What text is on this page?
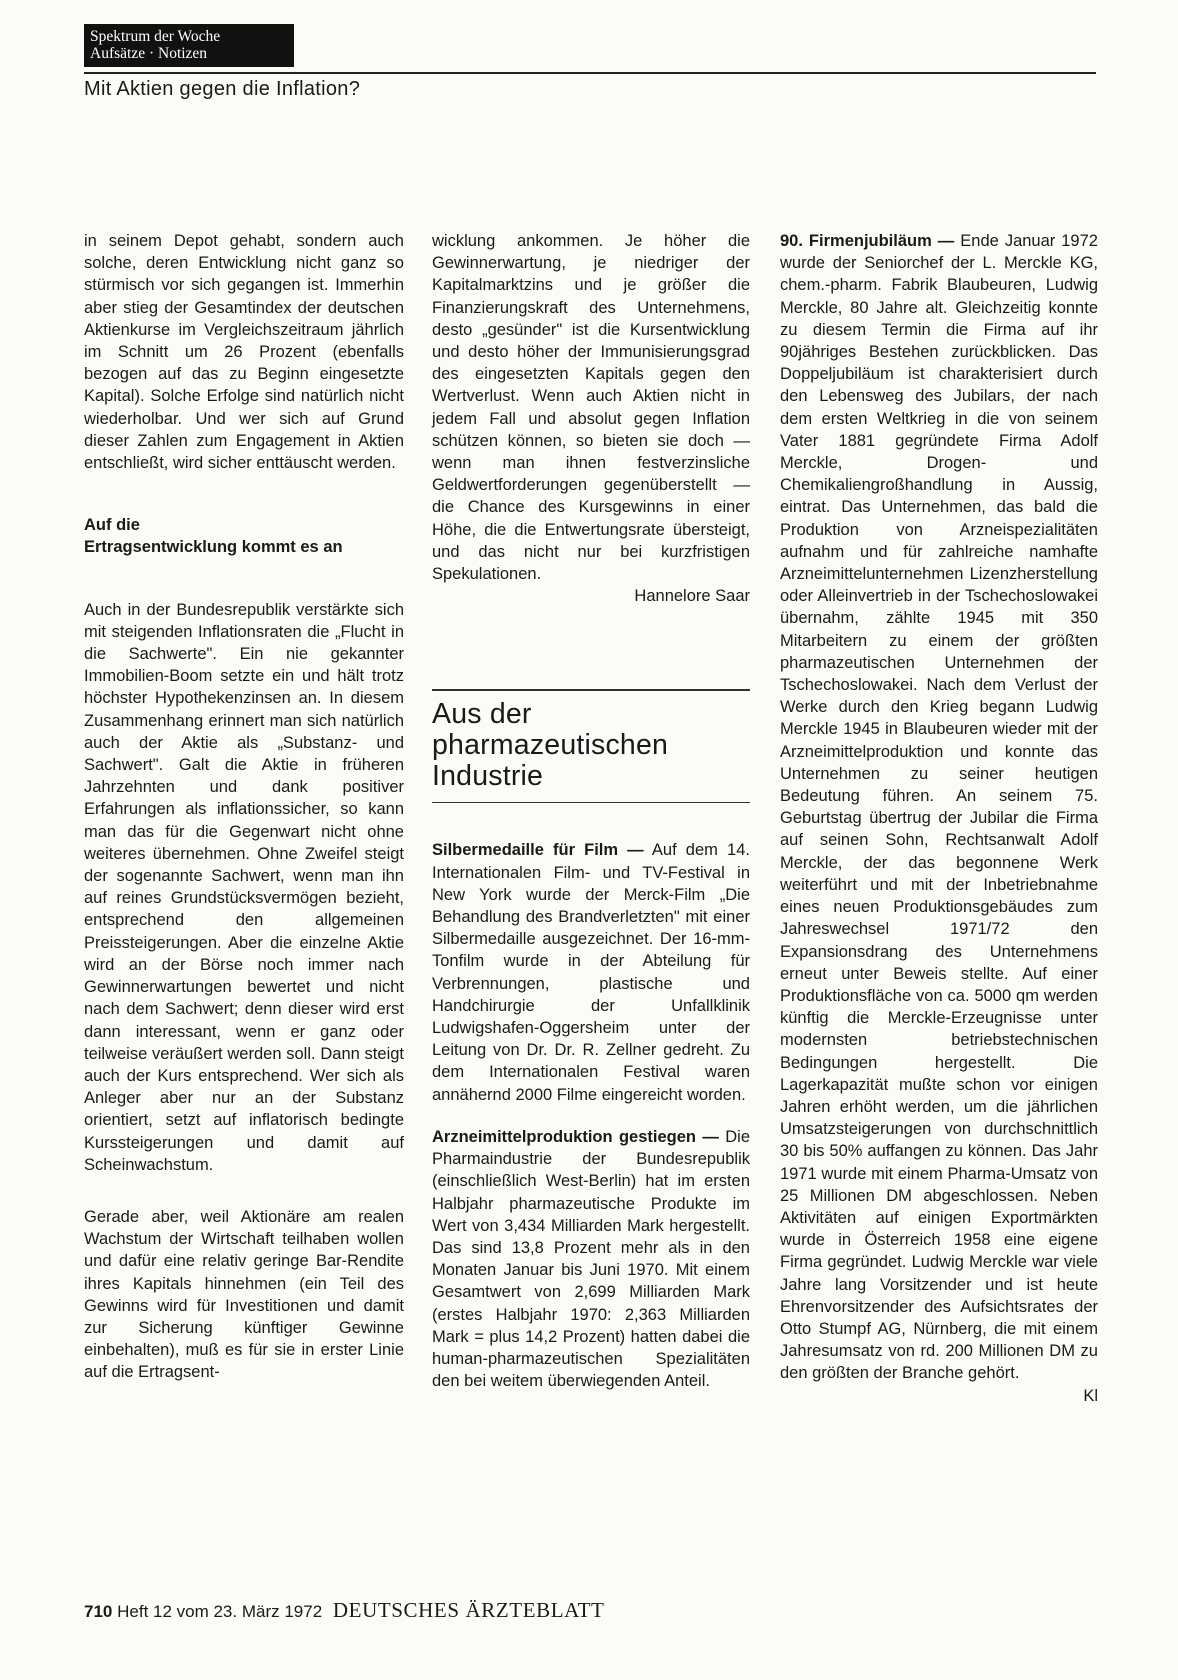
Spektrum der Woche
Aufsätze · Notizen
Mit Aktien gegen die Inflation?

in seinem Depot gehabt, sondern auch solche, deren Entwicklung nicht ganz so stürmisch vor sich gegangen ist. Immerhin aber stieg der Gesamtindex der deutschen Aktienkurse im Vergleichszeitraum jährlich im Schnitt um 26 Prozent (ebenfalls bezogen auf das zu Beginn eingesetzte Kapital). Solche Erfolge sind natürlich nicht wiederholbar. Und wer sich auf Grund dieser Zahlen zum Engagement in Aktien entschließt, wird sicher enttäuscht werden.

Auf die
Ertragsentwicklung kommt es an

Auch in der Bundesrepublik verstärkte sich mit steigenden Inflationsraten die „Flucht in die Sachwerte". Ein nie gekannter Immobilien-Boom setzte ein und hält trotz höchster Hypothekenzinsen an. In diesem Zusammenhang erinnert man sich natürlich auch der Aktie als „Substanz- und Sachwert". Galt die Aktie in früheren Jahrzehnten und dank positiver Erfahrungen als inflationssicher, so kann man das für die Gegenwart nicht ohne weiteres übernehmen. Ohne Zweifel steigt der sogenannte Sachwert, wenn man ihn auf reines Grundstücksvermögen bezieht, entsprechend den allgemeinen Preissteigerungen. Aber die einzelne Aktie wird an der Börse noch immer nach Gewinnerwartungen bewertet und nicht nach dem Sachwert; denn dieser wird erst dann interessant, wenn er ganz oder teilweise veräußert werden soll. Dann steigt auch der Kurs entsprechend. Wer sich als Anleger aber nur an der Substanz orientiert, setzt auf inflatorisch bedingte Kurssteigerungen und damit auf Scheinwachstum.

Gerade aber, weil Aktionäre am realen Wachstum der Wirtschaft teilhaben wollen und dafür eine relativ geringe Bar-Rendite ihres Kapitals hinnehmen (ein Teil des Gewinns wird für Investitionen und damit zur Sicherung künftiger Gewinne einbehalten), muß es für sie in erster Linie auf die Ertragsent-

wicklung ankommen. Je höher die Gewinnerwartung, je niedriger der Kapitalmarktzins und je größer die Finanzierungskraft des Unternehmens, desto „gesünder" ist die Kursentwicklung und desto höher der Immunisierungsgrad des eingesetzten Kapitals gegen den Wertverlust. Wenn auch Aktien nicht in jedem Fall und absolut gegen Inflation schützen können, so bieten sie doch — wenn man ihnen festverzinsliche Geldwertforderungen gegenüberstellt — die Chance des Kursgewinns in einer Höhe, die die Entwertungsrate übersteigt, und das nicht nur bei kurzfristigen Spekulationen.

Hannelore Saar
Aus der
pharmazeutischen
Industrie

Silbermedaille für Film — Auf dem 14. Internationalen Film- und TV-Festival in New York wurde der Merck-Film „Die Behandlung des Brandverletzten" mit einer Silbermedaille ausgezeichnet. Der 16-mm-Tonfilm wurde in der Abteilung für Verbrennungen, plastische und Handchirurgie der Unfallklinik Ludwigshafen-Oggersheim unter der Leitung von Dr. Dr. R. Zellner gedreht. Zu dem Internationalen Festival waren annähernd 2000 Filme eingereicht worden.

Arzneimittelproduktion gestiegen — Die Pharmaindustrie der Bundesrepublik (einschließlich West-Berlin) hat im ersten Halbjahr pharmazeutische Produkte im Wert von 3,434 Milliarden Mark hergestellt. Das sind 13,8 Prozent mehr als in den Monaten Januar bis Juni 1970. Mit einem Gesamtwert von 2,699 Milliarden Mark (erstes Halbjahr 1970: 2,363 Milliarden Mark = plus 14,2 Prozent) hatten dabei die human-pharmazeutischen Spezialitäten den bei weitem überwiegenden Anteil.

90. Firmenjubiläum — Ende Januar 1972 wurde der Seniorchef der L. Merckle KG, chem.-pharm. Fabrik Blaubeuren, Ludwig Merckle, 80 Jahre alt. Gleichzeitig konnte zu diesem Termin die Firma auf ihr 90jähriges Bestehen zurückblicken. Das Doppeljubiläum ist charakterisiert durch den Lebensweg des Jubilars, der nach dem ersten Weltkrieg in die von seinem Vater 1881 gegründete Firma Adolf Merckle, Drogen- und Chemikaliengroßhandlung in Aussig, eintrat. Das Unternehmen, das bald die Produktion von Arzneispezialitäten aufnahm und für zahlreiche namhafte Arzneimittelunternehmen Lizenzherstellung oder Alleinvertrieb in der Tschechoslowakei übernahm, zählte 1945 mit 350 Mitarbeitern zu einem der größten pharmazeutischen Unternehmen der Tschechoslowakei. Nach dem Verlust der Werke durch den Krieg begann Ludwig Merckle 1945 in Blaubeuren wieder mit der Arzneimittelproduktion und konnte das Unternehmen zu seiner heutigen Bedeutung führen. An seinem 75. Geburtstag übertrug der Jubilar die Firma auf seinen Sohn, Rechtsanwalt Adolf Merckle, der das begonnene Werk weiterführt und mit der Inbetriebnahme eines neuen Produktionsgebäudes zum Jahreswechsel 1971/72 den Expansionsdrang des Unternehmens erneut unter Beweis stellte. Auf einer Produktionsfläche von ca. 5000 qm werden künftig die Merckle-Erzeugnisse unter modernsten betriebstechnischen Bedingungen hergestellt. Die Lagerkapazität mußte schon vor einigen Jahren erhöht werden, um die jährlichen Umsatzsteigerungen von durchschnittlich 30 bis 50% auffangen zu können. Das Jahr 1971 wurde mit einem Pharma-Umsatz von 25 Millionen DM abgeschlossen. Neben Aktivitäten auf einigen Exportmärkten wurde in Österreich 1958 eine eigene Firma gegründet. Ludwig Merckle war viele Jahre lang Vorsitzender und ist heute Ehrenvorsitzender des Aufsichtsrates der Otto Stumpf AG, Nürnberg, die mit einem Jahresumsatz von rd. 200 Millionen DM zu den größten der Branche gehört.

Kl
710 Heft 12 vom 23. März 1972 DEUTSCHES ÄRZTEBLATT
